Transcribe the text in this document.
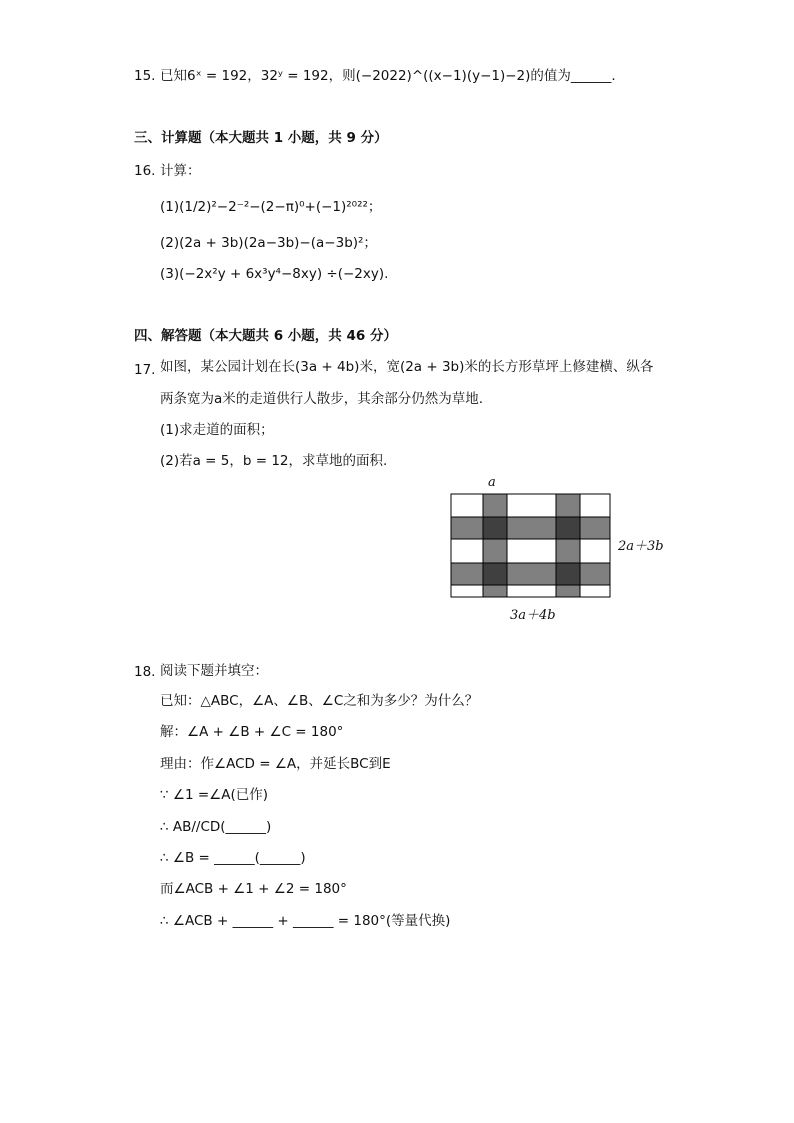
15. 已知6ˣ = 192，32ʸ = 192，则(−2022)^((x−1)(y−1)−2)的值为______.
三、计算题（本大题共 1 小题，共 9 分）
16. 计算：
(1)(1/2)²−2⁻²−(2−π)⁰+(−1)²⁰²²；
(2)(2a + 3b)(2a−3b)−(a−3b)²；
(3)(−2x²y + 6x³y⁴−8xy) ÷(−2xy).
四、解答题（本大题共 6 小题，共 46 分）
17. 如图，某公园计划在长(3a + 4b)米，宽(2a + 3b)米的长方形草坪上修建横、纵各
两条宽为a米的走道供行人散步，其余部分仍然为草地.
(1)求走道的面积；
(2)若a = 5，b = 12，求草地的面积.
a
2a＋3b
3a＋4b
18. 阅读下题并填空：
已知：△ABC，∠A、∠B、∠C之和为多少？为什么？
解：∠A + ∠B + ∠C = 180°
理由：作∠ACD = ∠A，并延长BC到E
∵ ∠1 =∠A(已作)
∴ AB//CD(______)
∴ ∠B = ______(______)
而∠ACB + ∠1 + ∠2 = 180°
∴ ∠ACB + ______ + ______ = 180°(等量代换)
